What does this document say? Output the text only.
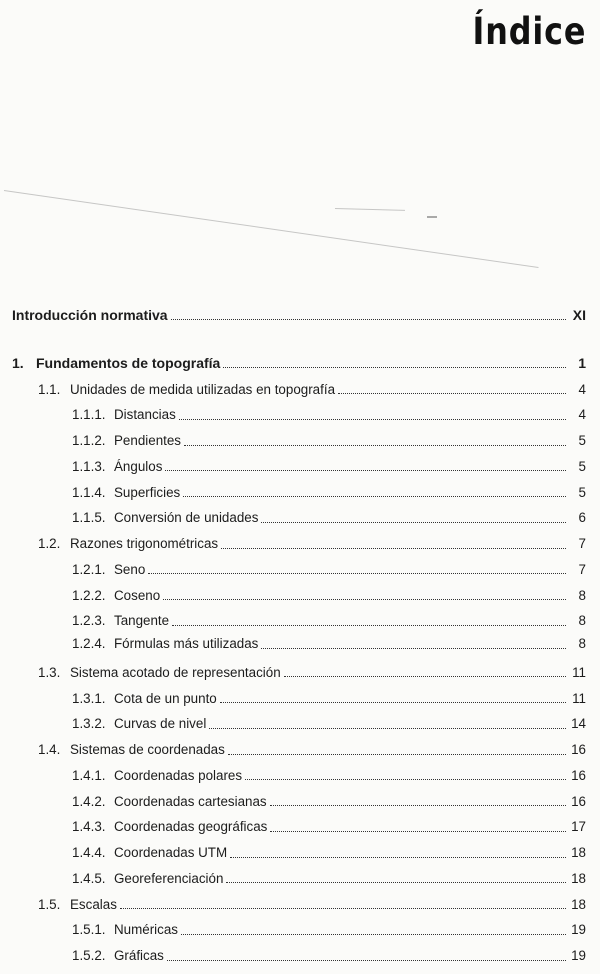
Índice
Introducción normativa	XI
1. Fundamentos de topografía	1
1.1. Unidades de medida utilizadas en topografía	4
1.1.1. Distancias	4
1.1.2. Pendientes	5
1.1.3. Ángulos	5
1.1.4. Superficies	5
1.1.5. Conversión de unidades	6
1.2. Razones trigonométricas	7
1.2.1. Seno	7
1.2.2. Coseno	8
1.2.3. Tangente	8
1.2.4. Fórmulas más utilizadas	8
1.3. Sistema acotado de representación	11
1.3.1. Cota de un punto	11
1.3.2. Curvas de nivel	14
1.4. Sistemas de coordenadas	16
1.4.1. Coordenadas polares	16
1.4.2. Coordenadas cartesianas	16
1.4.3. Coordenadas geográficas	17
1.4.4. Coordenadas UTM	18
1.4.5. Georeferenciación	18
1.5. Escalas	18
1.5.1. Numéricas	19
1.5.2. Gráficas	19
